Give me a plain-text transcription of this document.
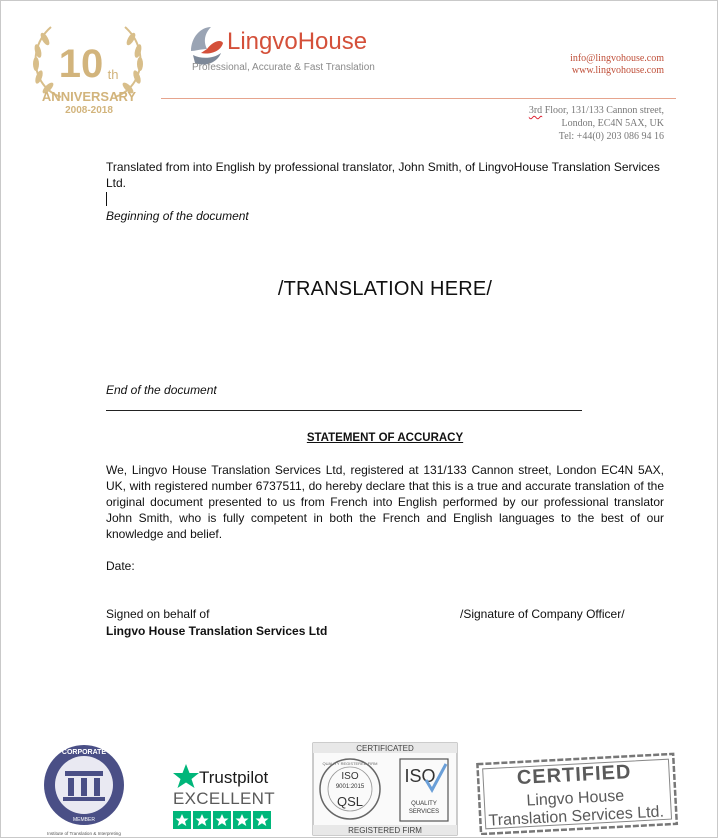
10 th
ANNIVERSARY
2008-2018
LingvoHouse
Professional, Accurate & Fast Translation
info@lingvohouse.com
www.lingvohouse.com
3rd Floor, 131/133 Cannon street,
London, EC4N 5AX, UK
Tel: +44(0) 203 086 94 16
Translated from into English by professional translator, John Smith, of LingvoHouse Translation Services Ltd.
Beginning of the document
/TRANSLATION HERE/
End of the document
STATEMENT OF ACCURACY
We, Lingvo House Translation Services Ltd, registered at 131/133 Cannon street, London EC4N 5AX, UK, with registered number 6737511, do hereby declare that this is a true and accurate translation of the original document presented to us from French into English performed by our professional translator John Smith, who is fully competent in both the French and English languages to the best of our knowledge and belief.
Date:
Signed on behalf of
Lingvo House Translation Services Ltd
/Signature of Company Officer/
CORPORATE
MEMBER
Institute of Translation & Interpreting
Trustpilot
EXCELLENT
CERTIFICATED
REGISTERED FIRM
QUALITY REGISTERED FIRM
ISO
9001:2015
QSL
ISO
QUALITY
SERVICES
CERTIFIED
Lingvo House
Translation Services Ltd.
